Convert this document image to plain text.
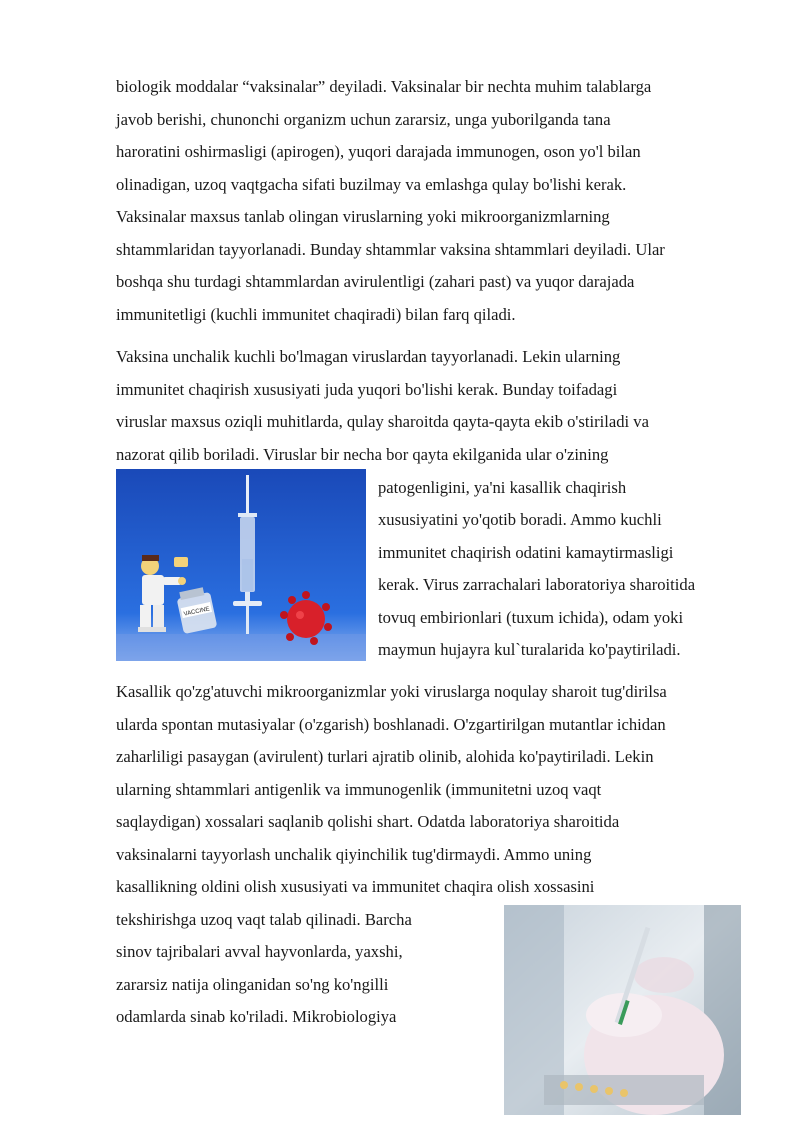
biologik moddalar “vaksinalar” deyiladi. Vaksinalar bir nechta muhim talablarga

javob berishi, chunonchi organizm uchun zararsiz, unga yuborilganda tana

haroratini oshirmasligi (apirogen), yuqori darajada immunogen, oson yo'l bilan

olinadigan, uzoq vaqtgacha sifati buzilmay va emlashga qulay bo'lishi kerak.

Vaksinalar maxsus tanlab olingan viruslarning yoki mikroorganizmlarning

shtammlaridan tayyorlanadi. Bunday shtammlar vaksina shtammlari deyiladi. Ular

boshqa shu turdagi shtammlardan avirulentligi (zahari past) va yuqor darajada

immunitetligi (kuchli immunitet chaqiradi) bilan farq qiladi.

Vaksina unchalik kuchli bo'lmagan viruslardan tayyorlanadi. Lekin ularning

immunitet chaqirish xususiyati juda yuqori bo'lishi kerak. Bunday toifadagi

viruslar maxsus oziqli muhitlarda, qulay sharoitda qayta-qayta ekib o'stiriladi va

nazorat qilib boriladi. Viruslar bir necha bor qayta ekilganida ular o'zining

patogenligini, ya'ni kasallik chaqirish

xususiyatini yo'qotib boradi. Ammo kuchli

immunitet chaqirish odatini kamaytirmasligi

kerak. Virus zarrachalari laboratoriya sharoitida

tovuq embirionlari (tuxum ichida), odam yoki

maymun hujayra kul`turalarida ko'paytiriladi.

VACCINE

Kasallik qo'zg'atuvchi mikroorganizmlar yoki viruslarga noqulay sharoit tug'dirilsa

ularda spontan mutasiyalar (o'zgarish) boshlanadi. O'zgartirilgan mutantlar ichidan

zaharliligi pasaygan (avirulent) turlari ajratib olinib, alohida ko'paytiriladi. Lekin

ularning shtammlari antigenlik va immunogenlik (immunitetni uzoq vaqt

saqlaydigan) xossalari saqlanib qolishi shart. Odatda laboratoriya sharoitida

vaksinalarni tayyorlash unchalik qiyinchilik tug'dirmaydi. Ammo uning

kasallikning oldini olish xususiyati va immunitet chaqira olish xossasini

tekshirishga uzoq vaqt talab qilinadi. Barcha

sinov tajribalari avval hayvonlarda, yaxshi,

zararsiz natija olinganidan so'ng ko'ngilli

odamlarda sinab ko'riladi. Mikrobiologiya
